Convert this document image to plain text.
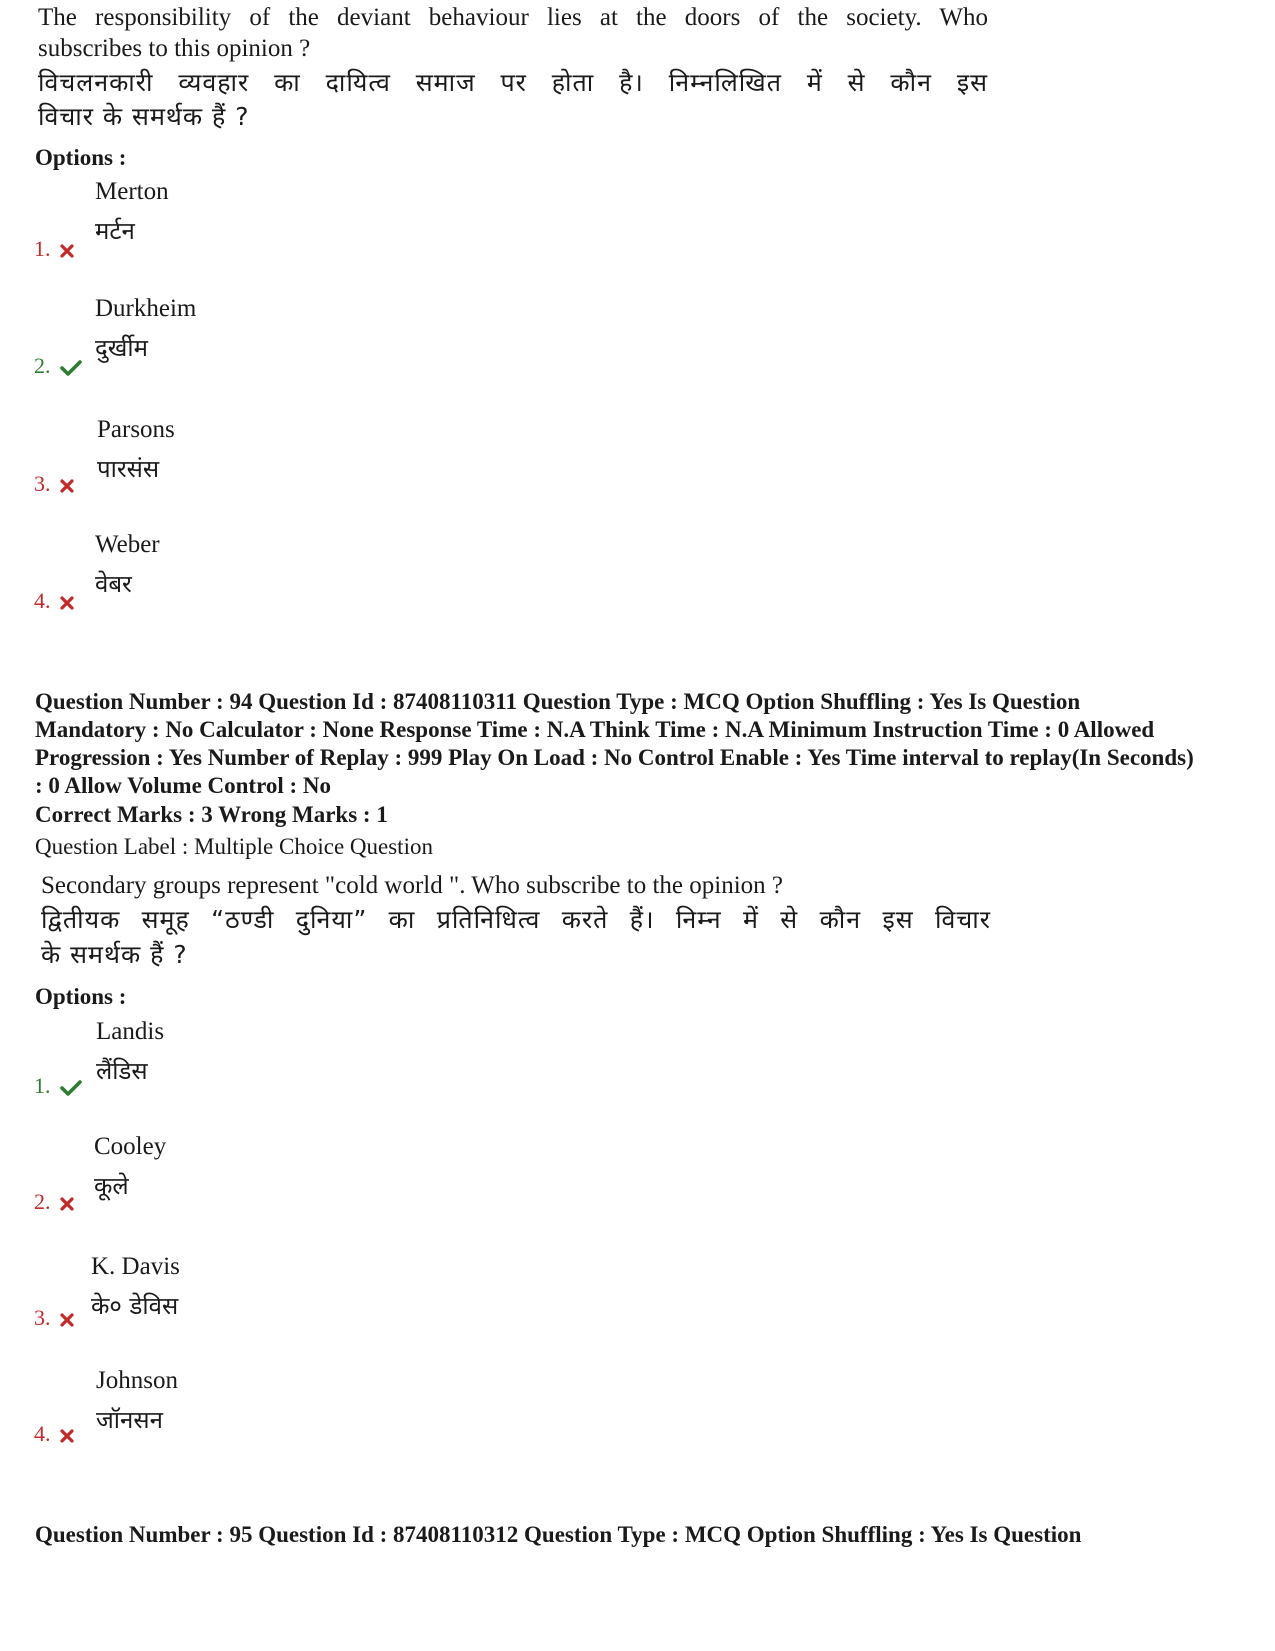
The responsibility of the deviant behaviour lies at the doors of the society. Who
subscribes to this opinion ?
विचलनकारी व्यवहार का दायित्व समाज पर होता है। निम्नलिखित में से कौन इस
विचार के समर्थक हैं ?
Options :
Merton
मर्टन
1.
Durkheim
दुर्खीम
2.
Parsons
पारसंस
3.
Weber
वेबर
4.
Question Number : 94 Question Id : 87408110311 Question Type : MCQ Option Shuffling : Yes Is Question Mandatory : No Calculator : None Response Time : N.A Think Time : N.A Minimum Instruction Time : 0 Allowed Progression : Yes Number of Replay : 999 Play On Load : No Control Enable : Yes Time interval to replay(In Seconds) : 0 Allow Volume Control : No
Correct Marks : 3 Wrong Marks : 1
Question Label : Multiple Choice Question
Secondary groups represent "cold world ". Who subscribe to the opinion ?
द्वितीयक समूह “ठण्डी दुनिया” का प्रतिनिधित्व करते हैं। निम्न में से कौन इस विचार
के समर्थक हैं ?
Options :
Landis
लैंडिस
1.
Cooley
कूले
2.
K. Davis
के० डेविस
3.
Johnson
जॉनसन
4.
Question Number : 95 Question Id : 87408110312 Question Type : MCQ Option Shuffling : Yes Is Question
